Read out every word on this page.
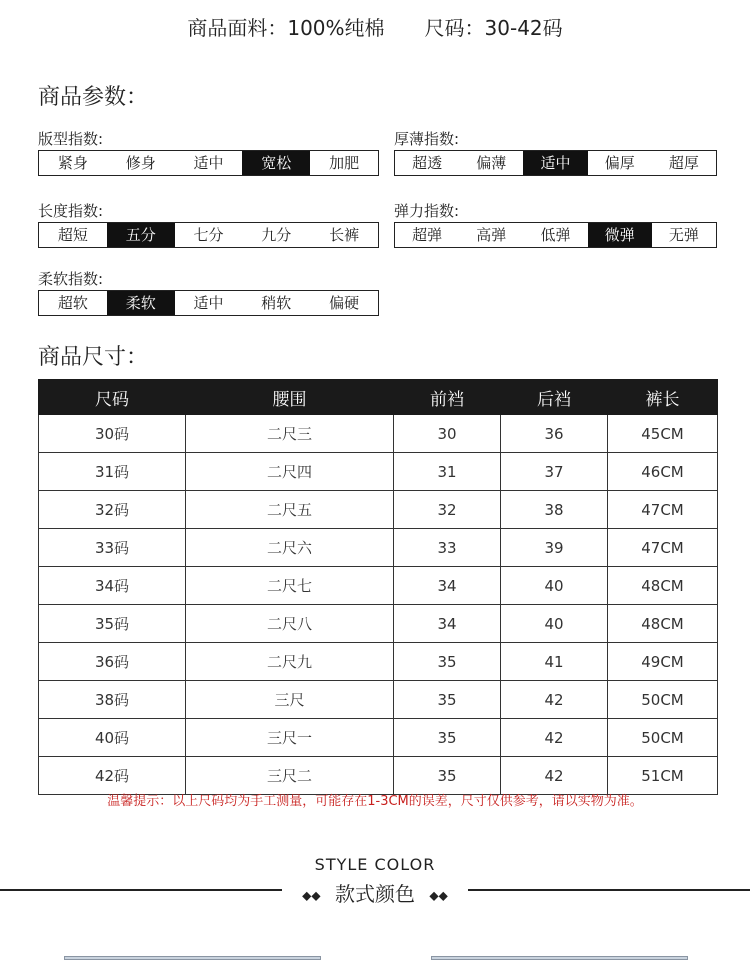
商品面料：100%纯棉 尺码：30-42码
商品参数：
版型指数:
紧身	修身	适中	宽松	加肥
厚薄指数:
超透	偏薄	适中	偏厚	超厚
长度指数:
超短	五分	七分	九分	长裤
弹力指数:
超弹	高弹	低弹	微弹	无弹
柔软指数:
超软	柔软	适中	稍软	偏硬
商品尺寸：
尺码	腰围	前裆	后裆	裤长
30码	二尺三	30	36	45CM
31码	二尺四	31	37	46CM
32码	二尺五	32	38	47CM
33码	二尺六	33	39	47CM
34码	二尺七	34	40	48CM
35码	二尺八	34	40	48CM
36码	二尺九	35	41	49CM
38码	三尺	35	42	50CM
40码	三尺一	35	42	50CM
42码	三尺二	35	42	51CM
温馨提示：以上尺码均为手工测量，可能存在1-3CM的误差，尺寸仅供参考，请以实物为准。
STYLE COLOR
◆◆ 款式颜色 ◆◆
